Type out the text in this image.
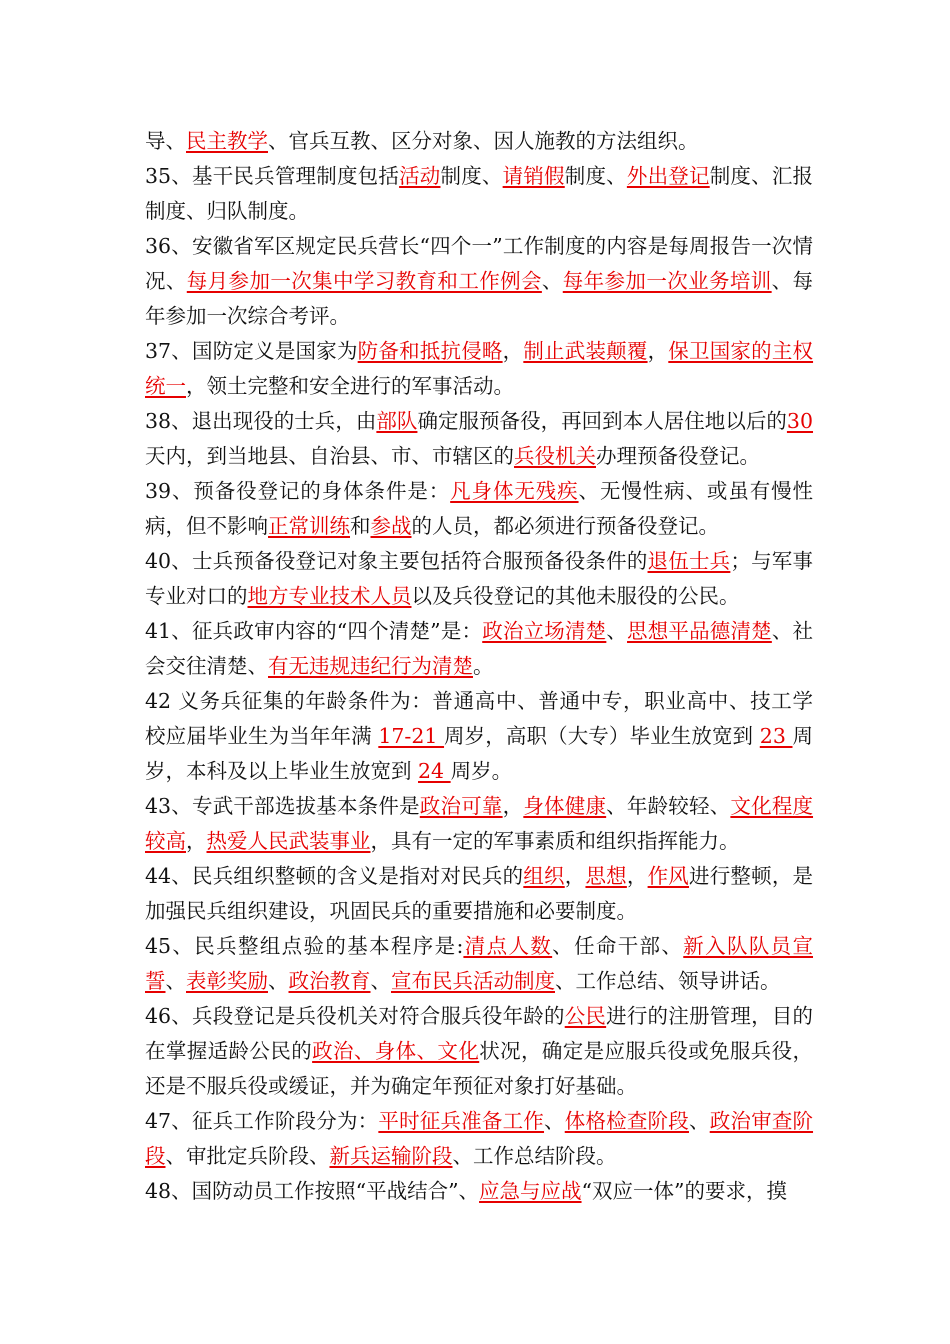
导、民主教学、官兵互教、区分对象、因人施教的方法组织。

35、基干民兵管理制度包括活动制度、请销假制度、外出登记制度、汇报制度、归队制度。

36、安徽省军区规定民兵营长“四个一”工作制度的内容是每周报告一次情况、每月参加一次集中学习教育和工作例会、每年参加一次业务培训、每年参加一次综合考评。

37、国防定义是国家为防备和抵抗侵略，制止武装颠覆，保卫国家的主权统一，领土完整和安全进行的军事活动。

38、退出现役的士兵，由部队确定服预备役，再回到本人居住地以后的30天内，到当地县、自治县、市、市辖区的兵役机关办理预备役登记。

39、预备役登记的身体条件是：凡身体无残疾、无慢性病、或虽有慢性病，但不影响正常训练和参战的人员，都必须进行预备役登记。

40、士兵预备役登记对象主要包括符合服预备役条件的退伍士兵；与军事专业对口的地方专业技术人员以及兵役登记的其他未服役的公民。

41、征兵政审内容的“四个清楚”是：政治立场清楚、思想平品德清楚、社会交往清楚、有无违规违纪行为清楚。

42 义务兵征集的年龄条件为：普通高中、普通中专，职业高中、技工学校应届毕业生为当年年满 17-21 周岁，高职（大专）毕业生放宽到 23 周岁，本科及以上毕业生放宽到 24 周岁。

43、专武干部选拔基本条件是政治可靠，身体健康、年龄较轻、文化程度较高，热爱人民武装事业，具有一定的军事素质和组织指挥能力。

44、民兵组织整顿的含义是指对对民兵的组织，思想，作风进行整顿，是加强民兵组织建设，巩固民兵的重要措施和必要制度。

45、民兵整组点验的基本程序是:清点人数、任命干部、新入队队员宣誓、表彰奖励、政治教育、宣布民兵活动制度、工作总结、领导讲话。

46、兵段登记是兵役机关对符合服兵役年龄的公民进行的注册管理，目的在掌握适龄公民的政治、身体、文化状况，确定是应服兵役或免服兵役，还是不服兵役或缓证，并为确定年预征对象打好基础。

47、征兵工作阶段分为：平时征兵准备工作、体格检查阶段、政治审查阶段、审批定兵阶段、新兵运输阶段、工作总结阶段。

48、国防动员工作按照“平战结合”、应急与应战“双应一体”的要求，摸
